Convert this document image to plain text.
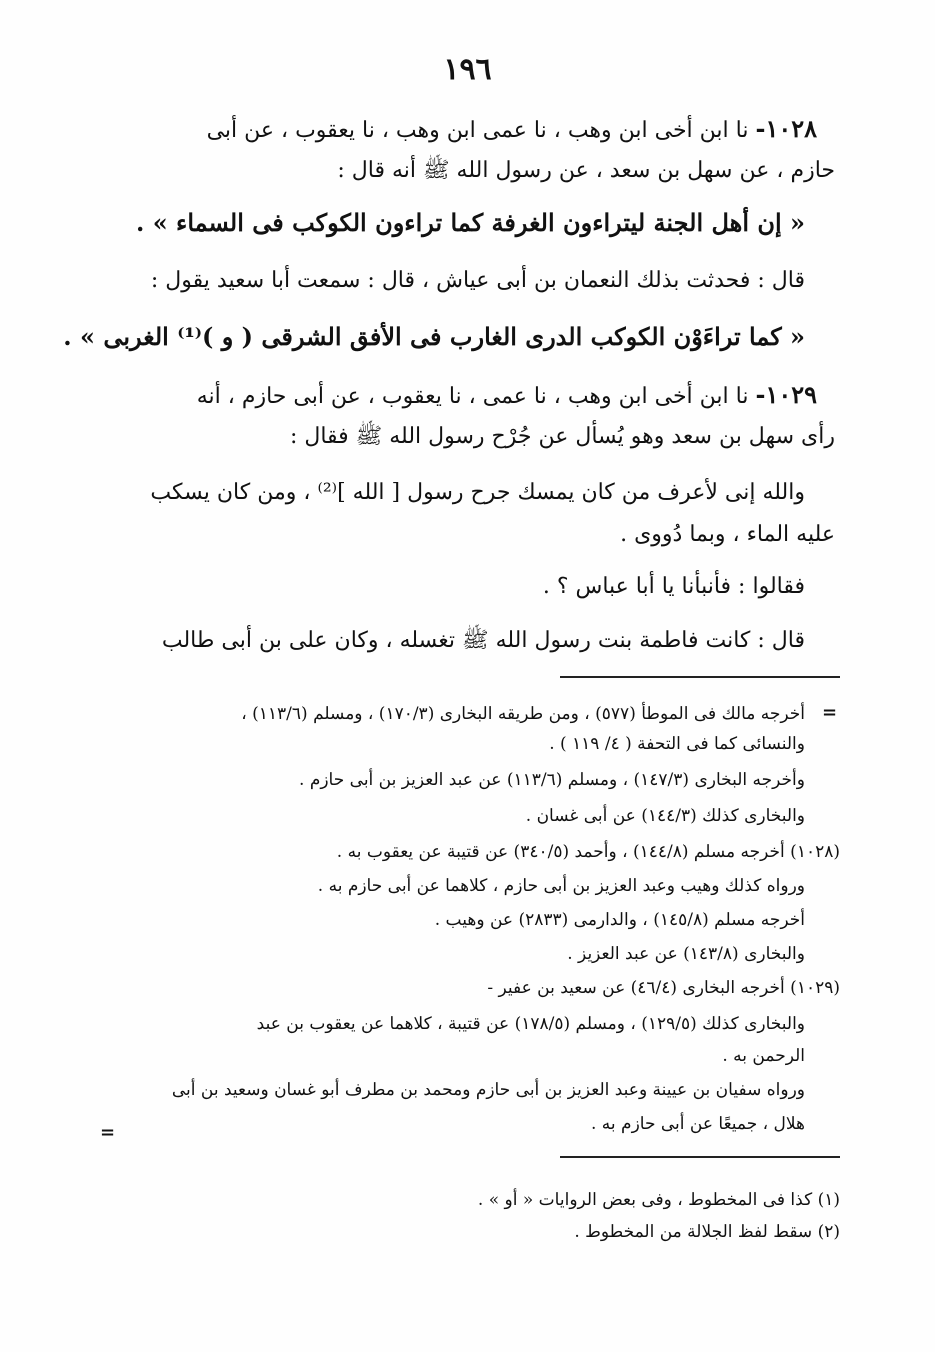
١٩٦
١٠٢٨- نا ابن أخى ابن وهب ، نا عمى ابن وهب ، نا يعقوب ، عن أبى
حازم ، عن سهل بن سعد ، عن رسول الله ﷺ أنه قال :
« إن أهل الجنة ليتراءون الغرفة كما تراءون الكوكب فى السماء » .
قال : فحدثت بذلك النعمان بن أبى عياش ، قال : سمعت أبا سعيد يقول :
« كما تراءَوْن الكوكب الدرى الغارب فى الأفق الشرقى ( و )⁽¹⁾ الغربى » .
١٠٢٩- نا ابن أخى ابن وهب ، نا عمى ، نا يعقوب ، عن أبى حازم ، أنه
رأى سهل بن سعد وهو يُسأل عن جُرْح رسول الله ﷺ فقال :
والله إنى لأعرف من كان يمسك جرح رسول [ الله ]⁽²⁾ ، ومن كان يسكب
عليه الماء ، وبما دُووى .
فقالوا : فأنبأنا يا أبا عباس ؟ .
قال : كانت فاطمة بنت رسول الله ﷺ تغسله ، وكان على بن أبى طالب
=
أخرجه مالك فى الموطأ (٥٧٧) ، ومن طريقه البخارى (١٧٠/٣) ، ومسلم (١١٣/٦) ،
والنسائى كما فى التحفة ( ٤/ ١١٩ ) .
وأخرجه البخارى (١٤٧/٣) ، ومسلم (١١٣/٦) عن عبد العزيز بن أبى حازم .
والبخارى كذلك (١٤٤/٣) عن أبى غسان .
(١٠٢٨) أخرجه مسلم (١٤٤/٨) ، وأحمد (٣٤٠/٥) عن قتيبة عن يعقوب به .
ورواه كذلك وهيب وعبد العزيز بن أبى حازم ، كلاهما عن أبى حازم به .
أخرجه مسلم (١٤٥/٨) ، والدارمى (٢٨٣٣) عن وهيب .
والبخارى (١٤٣/٨) عن عبد العزيز .
(١٠٢٩) أخرجه البخارى (٤٦/٤) عن سعيد بن عفير -
والبخارى كذلك (١٢٩/٥) ، ومسلم (١٧٨/٥) عن قتيبة ، كلاهما عن يعقوب بن عبد
الرحمن به .
ورواه سفيان بن عيينة وعبد العزيز بن أبى حازم ومحمد بن مطرف أبو غسان وسعيد بن أبى
هلال ، جميعًا عن أبى حازم به .
=
(١) كذا فى المخطوط ، وفى بعض الروايات « أو » .
(٢) سقط لفظ الجلالة من المخطوط .
